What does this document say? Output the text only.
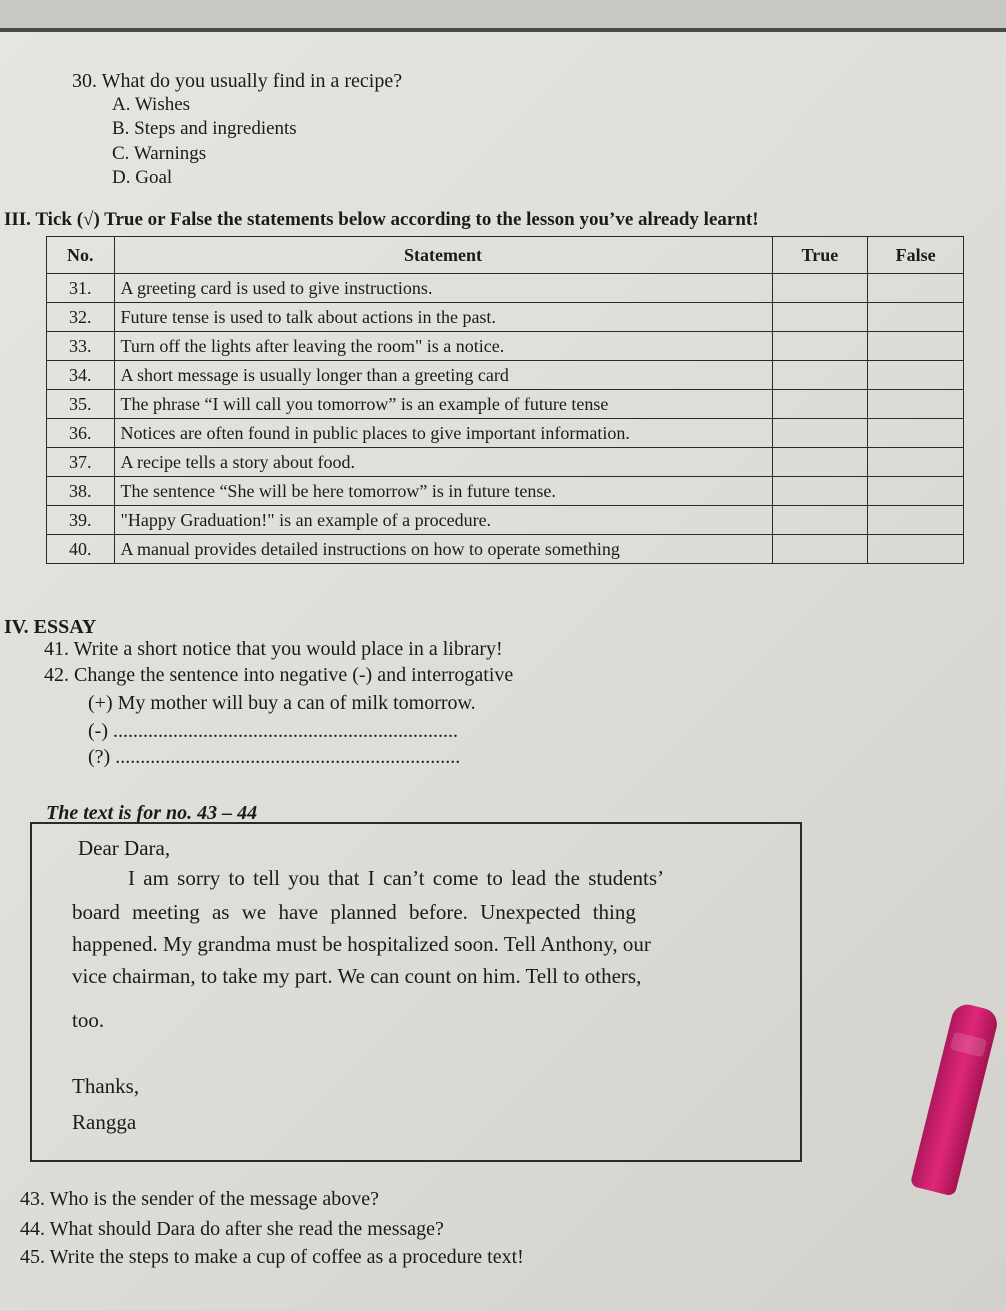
30. What do you usually find in a recipe?
A. Wishes
B. Steps and ingredients
C. Warnings
D. Goal
III. Tick (√) True or False the statements below according to the lesson you’ve already learnt!
No.	Statement	True	False
31.	A greeting card is used to give instructions.		
32.	Future tense is used to talk about actions in the past.		
33.	Turn off the lights after leaving the room" is a notice.		
34.	A short message is usually longer than a greeting card		
35.	The phrase “I will call you tomorrow” is an example of future tense		
36.	Notices are often found in public places to give important information.		
37.	A recipe tells a story about food.		
38.	The sentence “She will be here tomorrow” is in future tense.		
39.	"Happy Graduation!" is an example of a procedure.		
40.	A manual provides detailed instructions on how to operate something		
IV. ESSAY
41. Write a short notice that you would place in a library!
42. Change the sentence into negative (-) and interrogative
(+) My mother will buy a can of milk tomorrow.
(-) .....................................................................
(?) .....................................................................
The text is for no. 43 – 44
Dear Dara,
I am sorry to tell you that I can’t come to lead the students’
board meeting as we have planned before. Unexpected thing
happened. My grandma must be hospitalized soon. Tell Anthony, our
vice chairman, to take my part. We can count on him. Tell to others,
too.
Thanks,
Rangga
43. Who is the sender of the message above?
44. What should Dara do after she read the message?
45. Write the steps to make a cup of coffee as a procedure text!
